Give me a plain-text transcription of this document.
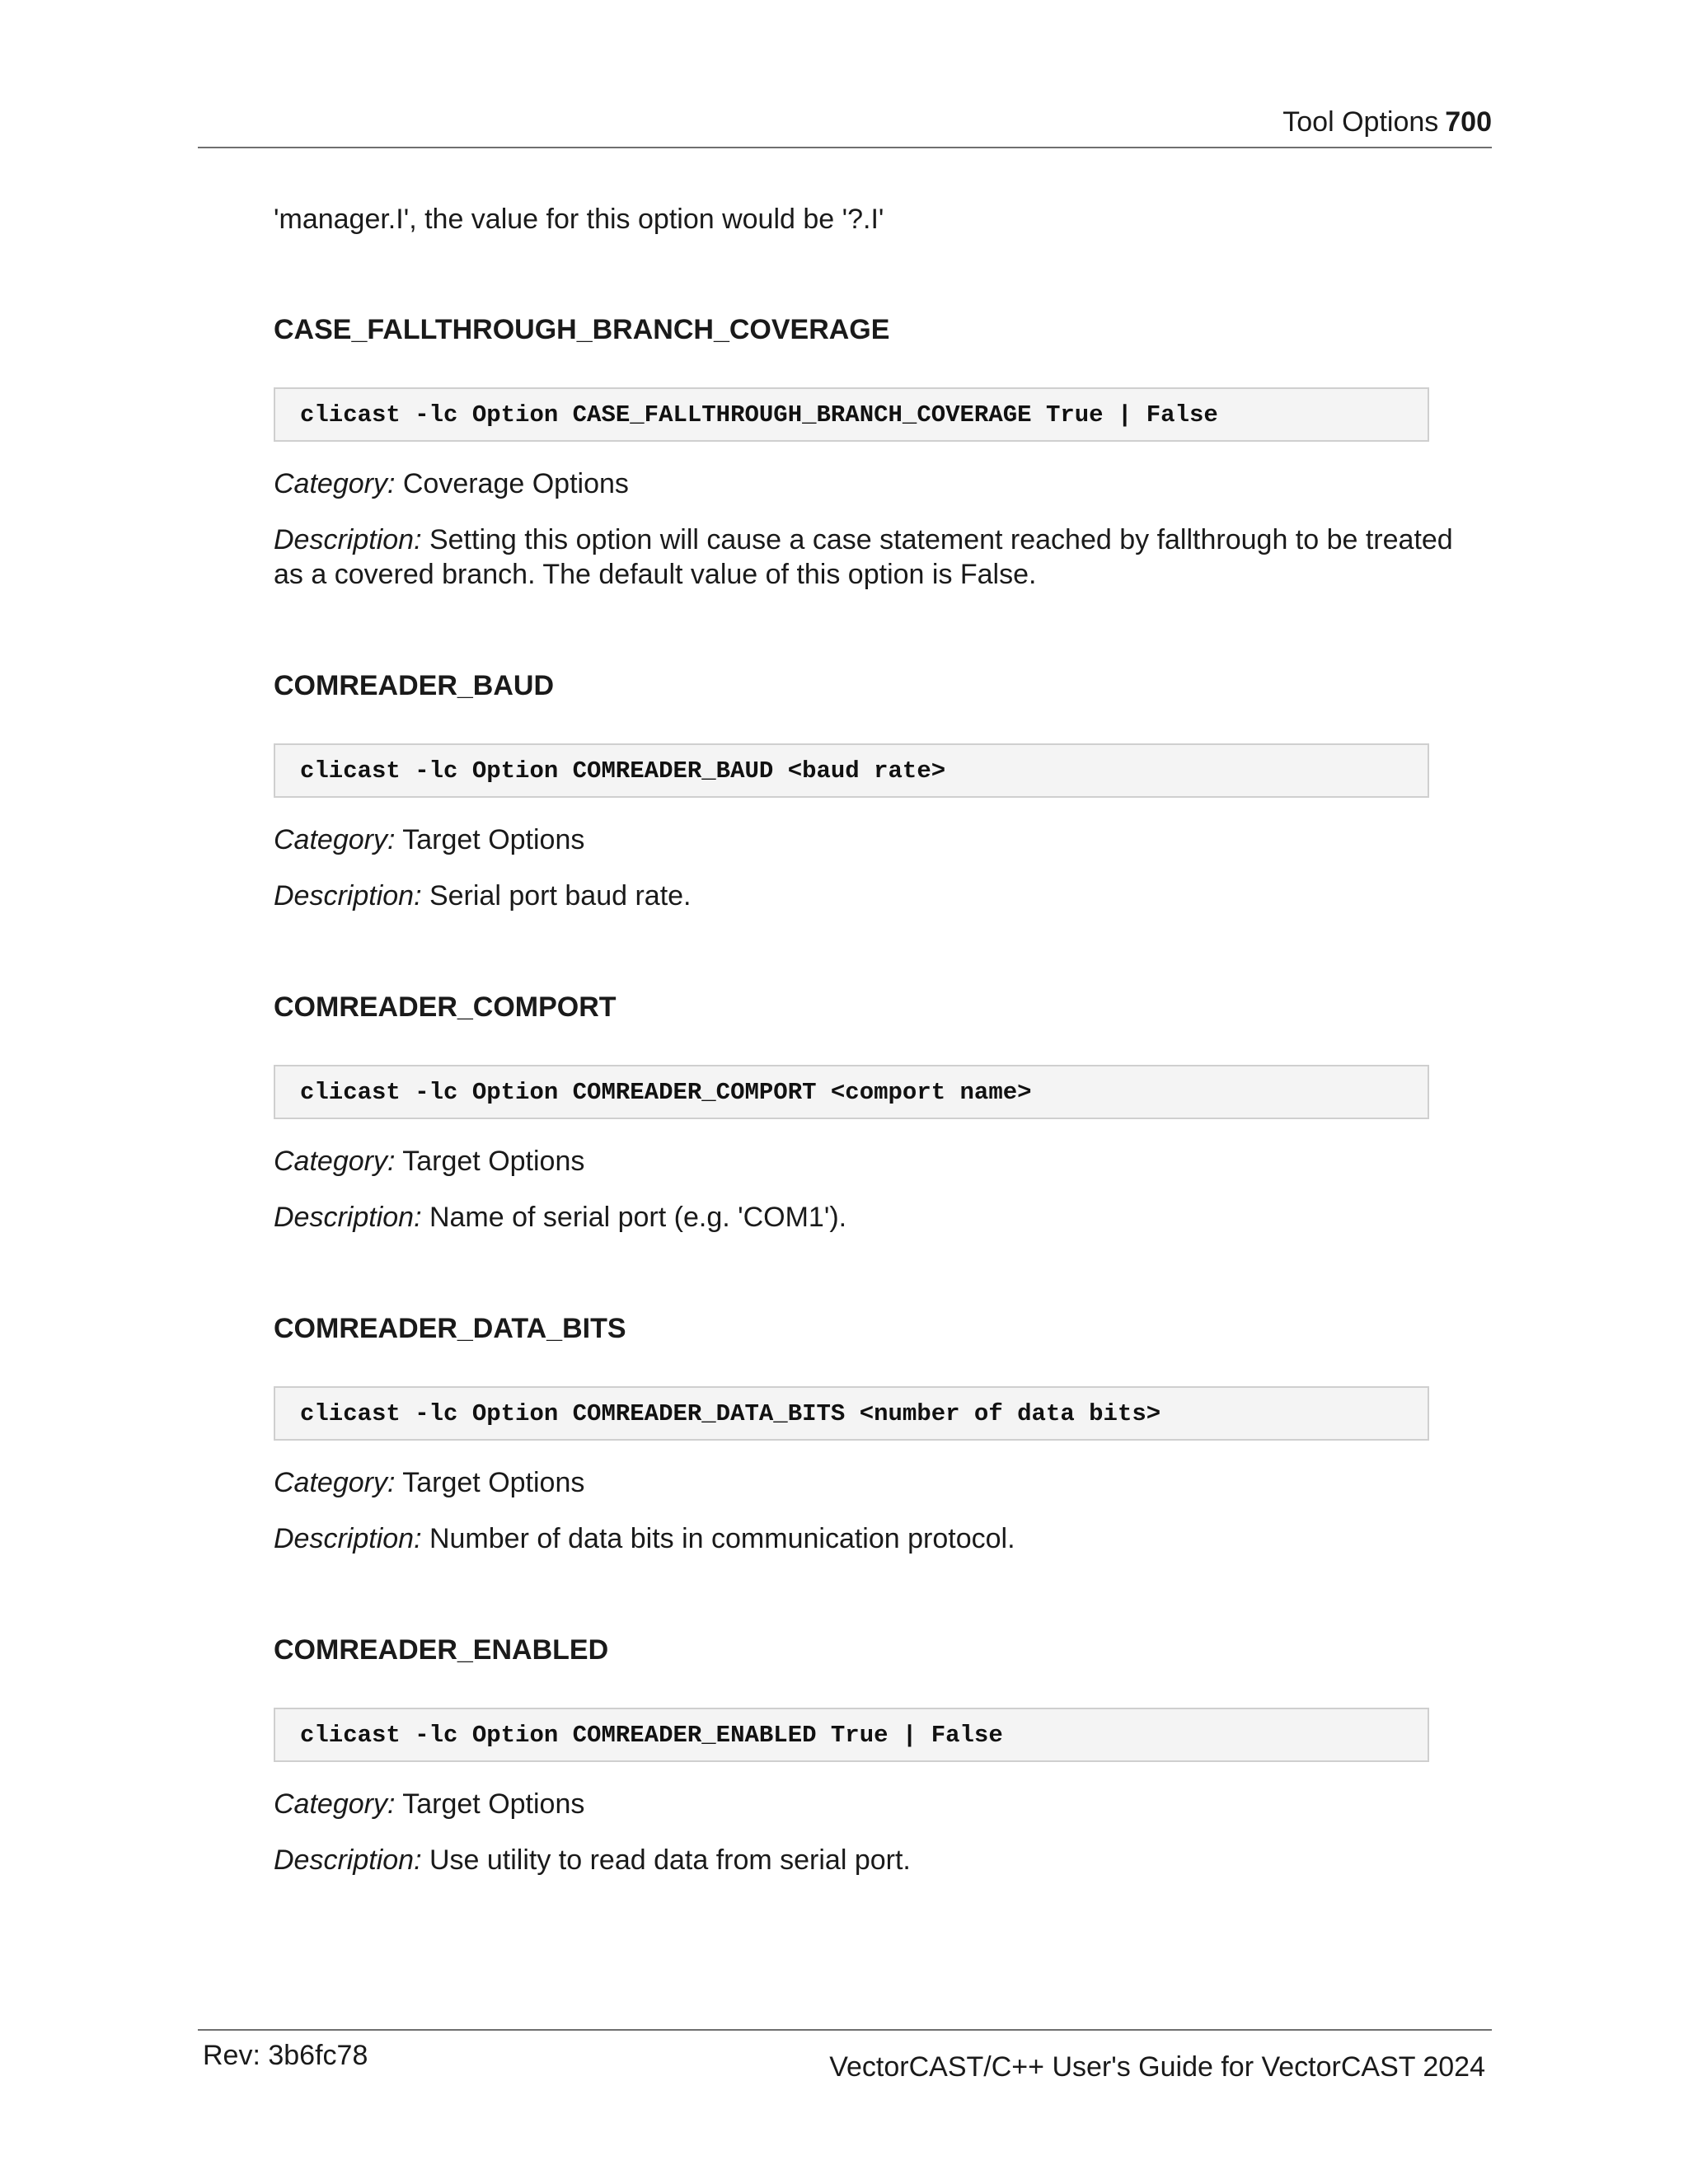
Tool Options 700

'manager.I', the value for this option would be '?.I'

CASE_FALLTHROUGH_BRANCH_COVERAGE
clicast -lc Option CASE_FALLTHROUGH_BRANCH_COVERAGE True | False

Category: Coverage Options

Description: Setting this option will cause a case statement reached by fallthrough to be treated as a covered branch. The default value of this option is False.

COMREADER_BAUD
clicast -lc Option COMREADER_BAUD <baud rate>

Category: Target Options

Description: Serial port baud rate.

COMREADER_COMPORT
clicast -lc Option COMREADER_COMPORT <comport name>

Category: Target Options

Description: Name of serial port (e.g. 'COM1').

COMREADER_DATA_BITS
clicast -lc Option COMREADER_DATA_BITS <number of data bits>

Category: Target Options

Description: Number of data bits in communication protocol.

COMREADER_ENABLED
clicast -lc Option COMREADER_ENABLED True | False

Category: Target Options

Description: Use utility to read data from serial port.

Rev: 3b6fc78	VectorCAST/C++ User's Guide for VectorCAST 2024
